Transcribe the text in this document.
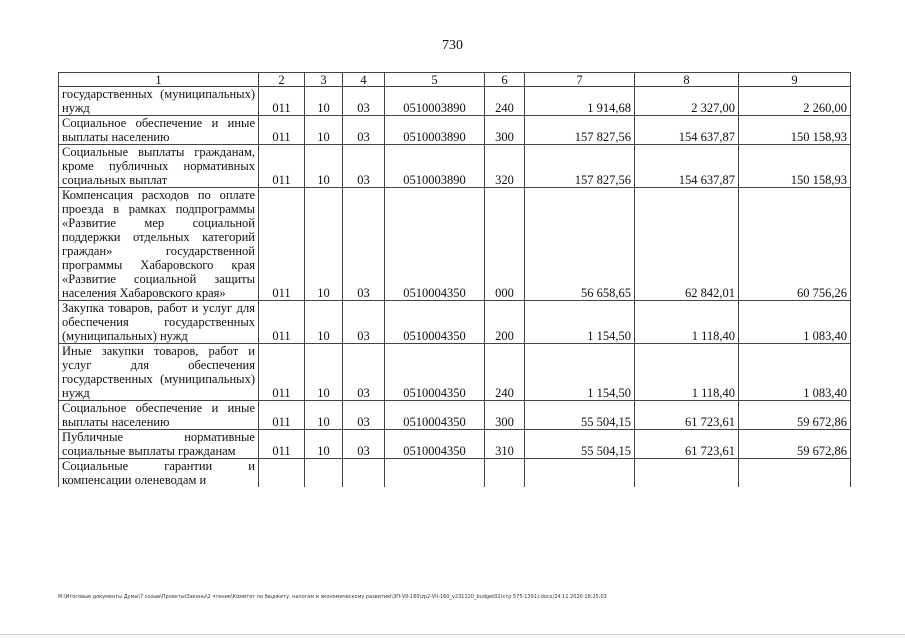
730
1	2	3	4	5	6	7	8	9
государственных (муниципальных) нужд	011	10	03	0510003890	240	1 914,68	2 327,00	2 260,00
Социальное обеспечение и иные выплаты населению	011	10	03	0510003890	300	157 827,56	154 637,87	150 158,93
Социальные выплаты гражданам, кроме публичных нормативных социальных выплат	011	10	03	0510003890	320	157 827,56	154 637,87	150 158,93
Компенсация расходов по оплате проезда в рамках подпрограммы «Развитие мер социальной поддержки отдельных категорий граждан» государственной программы Хабаровского края «Развитие социальной защиты населения Хабаровского края»	011	10	03	0510004350	000	56 658,65	62 842,01	60 756,26
Закупка товаров, работ и услуг для обеспечения государственных (муниципальных) нужд	011	10	03	0510004350	200	1 154,50	1 118,40	1 083,40
Иные закупки товаров, работ и услуг для обеспечения государственных (муниципальных) нужд	011	10	03	0510004350	240	1 154,50	1 118,40	1 083,40
Социальное обеспечение и иные выплаты населению	011	10	03	0510004350	300	55 504,15	61 723,61	59 672,86
Публичные нормативные социальные выплаты гражданам	011	10	03	0510004350	310	55 504,15	61 723,61	59 672,86
Социальные гарантии и компенсации оленеводам и								
М:\Итоговые документы Думы\7 созыв\Проекты\Законы\2 чтение\Комитет по бюджету, налогам и экономическому развитию\ЗП-VII-160\zp2-VII-160_v231120_budget02(стр 575-1391).docx/24.11.2020 18:25:03
